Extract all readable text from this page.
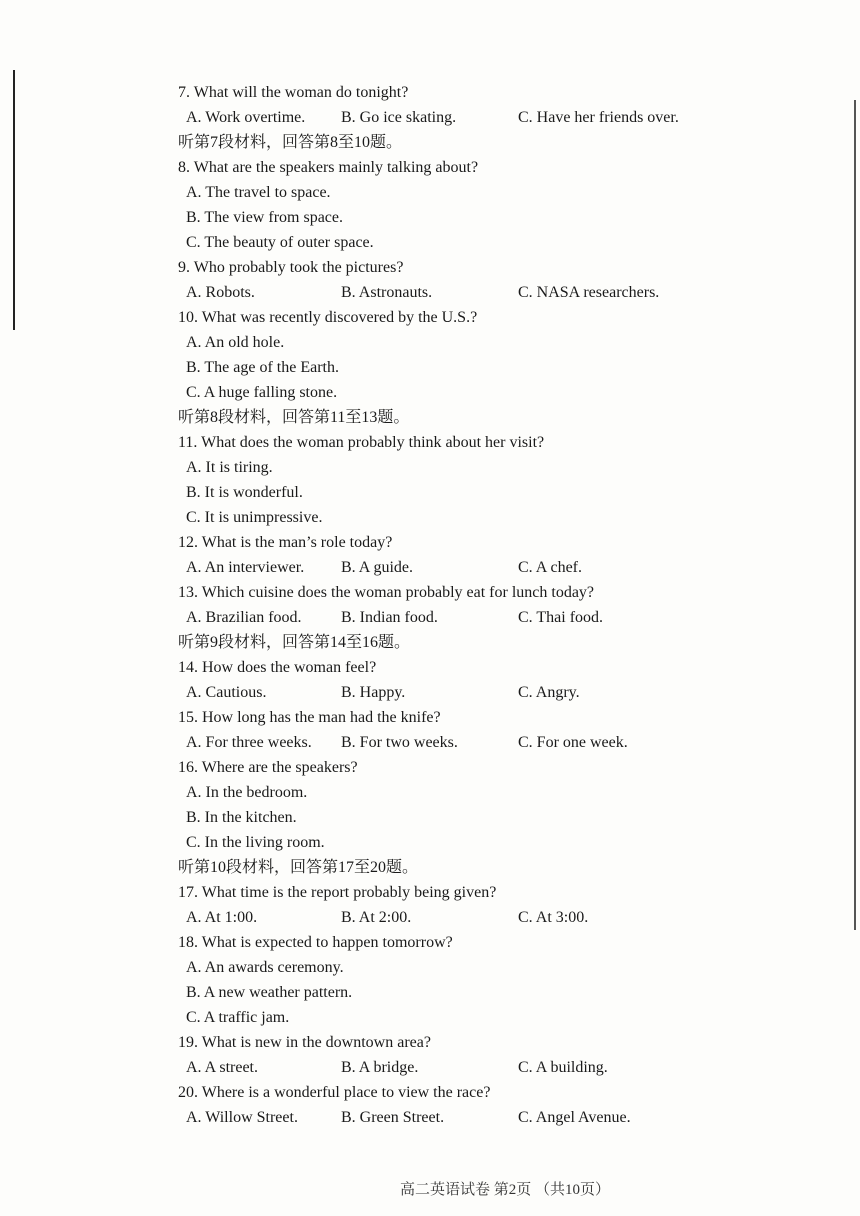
7. What will the woman do tonight?
A. Work overtime. B. Go ice skating.	C. Have her friends over.
听第7段材料，回答第8至10题。
8. What are the speakers mainly talking about?
A. The travel to space.
B. The view from space.
C. The beauty of outer space.
9. Who probably took the pictures?
A. Robots.	B. Astronauts.	C. NASA researchers.
10. What was recently discovered by the U.S.?
A. An old hole.
B. The age of the Earth.
C. A huge falling stone.
听第8段材料，回答第11至13题。
11. What does the woman probably think about her visit?
A. It is tiring.
B. It is wonderful.
C. It is unimpressive.
12. What is the man’s role today?
A. An interviewer. B. A guide.	C. A chef.
13. Which cuisine does the woman probably eat for lunch today?
A. Brazilian food. B. Indian food.	C. Thai food.
听第9段材料，回答第14至16题。
14. How does the woman feel?
A. Cautious.	B. Happy.	C. Angry.
15. How long has the man had the knife?
A. For three weeks. B. For two weeks.	C. For one week.
16. Where are the speakers?
A. In the bedroom.
B. In the kitchen.
C. In the living room.
听第10段材料，回答第17至20题。
17. What time is the report probably being given?
A. At 1:00.	B. At 2:00.	C. At 3:00.
18. What is expected to happen tomorrow?
A. An awards ceremony.
B. A new weather pattern.
C. A traffic jam.
19. What is new in the downtown area?
A. A street.	B. A bridge.	C. A building.
20. Where is a wonderful place to view the race?
A. Willow Street.	B. Green Street.	C. Angel Avenue.
高二英语试卷 第2页 （共10页）
